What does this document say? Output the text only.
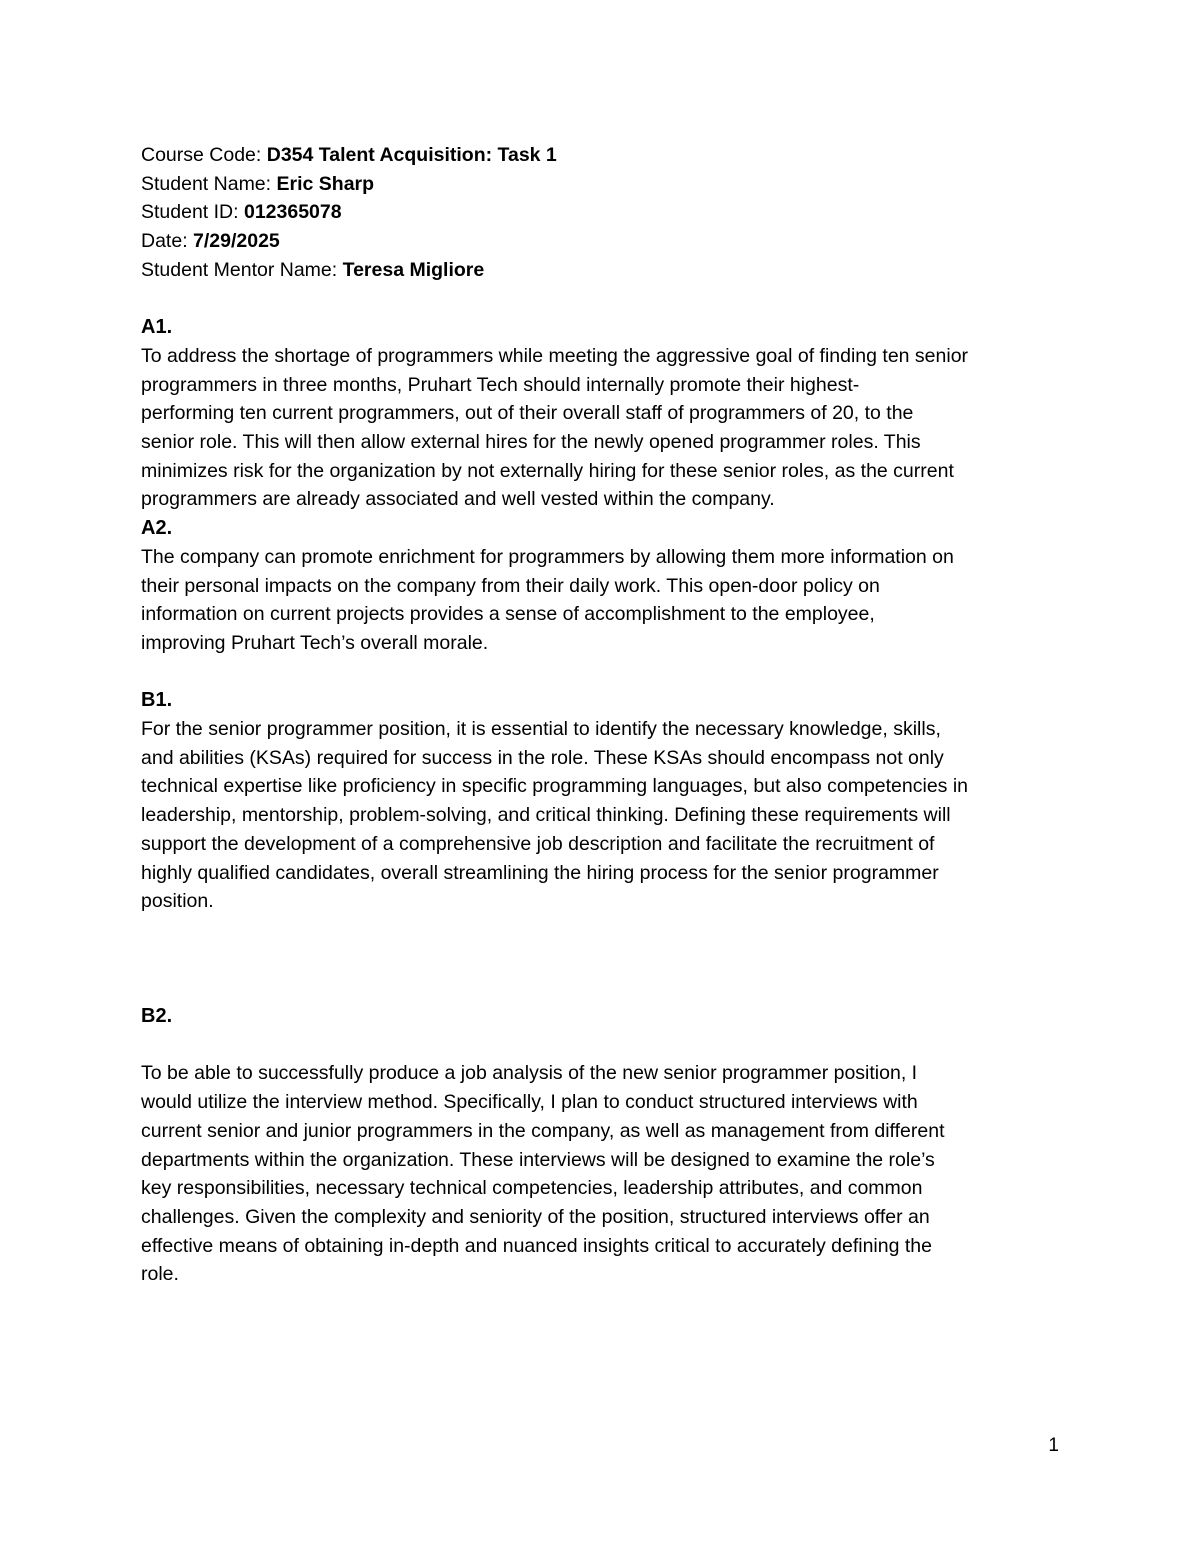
Course Code: D354 Talent Acquisition: Task 1
Student Name: Eric Sharp
Student ID: 012365078
Date: 7/29/2025
Student Mentor Name: Teresa Migliore
A1.
To address the shortage of programmers while meeting the aggressive goal of finding ten senior
programmers in three months, Pruhart Tech should internally promote their highest-
performing ten current programmers, out of their overall staff of programmers of 20, to the
senior role. This will then allow external hires for the newly opened programmer roles. This
minimizes risk for the organization by not externally hiring for these senior roles, as the current
programmers are already associated and well vested within the company.
A2.
The company can promote enrichment for programmers by allowing them more information on
their personal impacts on the company from their daily work. This open-door policy on
information on current projects provides a sense of accomplishment to the employee,
improving Pruhart Tech’s overall morale.
B1.
For the senior programmer position, it is essential to identify the necessary knowledge, skills,
and abilities (KSAs) required for success in the role. These KSAs should encompass not only
technical expertise like proficiency in specific programming languages, but also competencies in
leadership, mentorship, problem-solving, and critical thinking. Defining these requirements will
support the development of a comprehensive job description and facilitate the recruitment of
highly qualified candidates, overall streamlining the hiring process for the senior programmer
position.
B2.
To be able to successfully produce a job analysis of the new senior programmer position, I
would utilize the interview method. Specifically, I plan to conduct structured interviews with
current senior and junior programmers in the company, as well as management from different
departments within the organization. These interviews will be designed to examine the role’s
key responsibilities, necessary technical competencies, leadership attributes, and common
challenges. Given the complexity and seniority of the position, structured interviews offer an
effective means of obtaining in-depth and nuanced insights critical to accurately defining the
role.
1
